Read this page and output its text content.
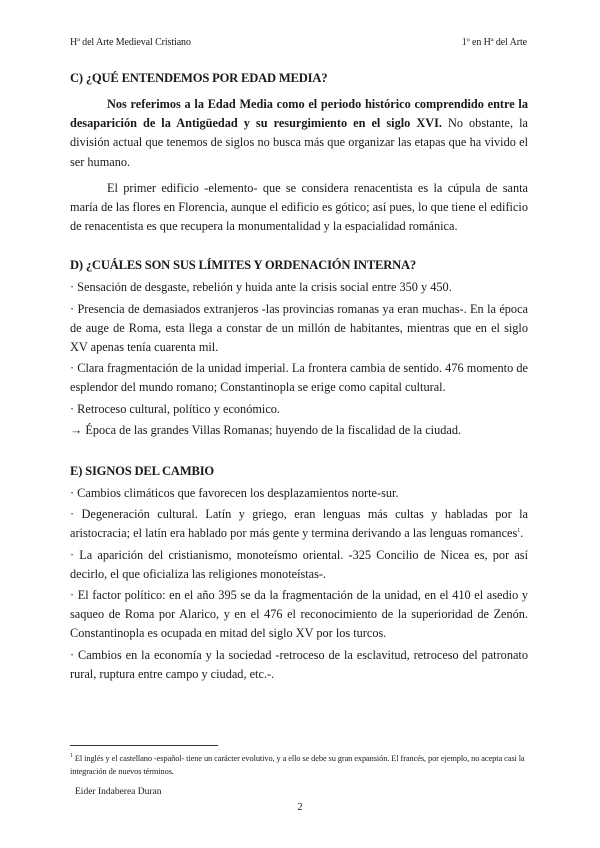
Hª del Arte Medieval Cristiano	1º en Hª del Arte
C) ¿QUÉ ENTENDEMOS POR EDAD MEDIA?

Nos referimos a la Edad Media como el periodo histórico comprendido entre la desaparición de la Antigüedad y su resurgimiento en el siglo XVI. No obstante, la división actual que tenemos de siglos no busca más que organizar las etapas que ha vivido el ser humano.

El primer edificio -elemento- que se considera renacentista es la cúpula de santa maría de las flores en Florencia, aunque el edificio es gótico; así pues, lo que tiene el edificio de renacentista es que recupera la monumentalidad y la espacialidad románica.

D) ¿CUÁLES SON SUS LÍMITES Y ORDENACIÓN INTERNA?

· Sensación de desgaste, rebelión y huida ante la crisis social entre 350 y 450.

· Presencia de demasiados extranjeros -las provincias romanas ya eran muchas-. En la época de auge de Roma, esta llega a constar de un millón de habitantes, mientras que en el siglo XV apenas tenía cuarenta mil.

· Clara fragmentación de la unidad imperial. La frontera cambia de sentido. 476 momento de esplendor del mundo romano; Constantinopla se erige como capital cultural.

· Retroceso cultural, político y económico.

→ Época de las grandes Villas Romanas; huyendo de la fiscalidad de la ciudad.

E) SIGNOS DEL CAMBIO

· Cambios climáticos que favorecen los desplazamientos norte-sur.

· Degeneración cultural. Latín y griego, eran lenguas más cultas y habladas por la aristocracia; el latín era hablado por más gente y termina derivando a las lenguas romances$^1$.

· La aparición del cristianismo, monoteísmo oriental. -325 Concilio de Nicea es, por así decirlo, el que oficializa las religiones monoteístas-.

· El factor político: en el año 395 se da la fragmentación de la unidad, en el 410 el asedio y saqueo de Roma por Alarico, y en el 476 el reconocimiento de la superioridad de Zenón. Constantinopla es ocupada en mitad del siglo XV por los turcos.

· Cambios en la economía y la sociedad -retroceso de la esclavitud, retroceso del patronato rural, ruptura entre campo y ciudad, etc.-.

$^1$ El inglés y el castellano -español- tiene un carácter evolutivo, y a ello se debe su gran expansión. El francés, por ejemplo, no acepta casi la integración de nuevos términos.
Eider Indaberea Duran
2
